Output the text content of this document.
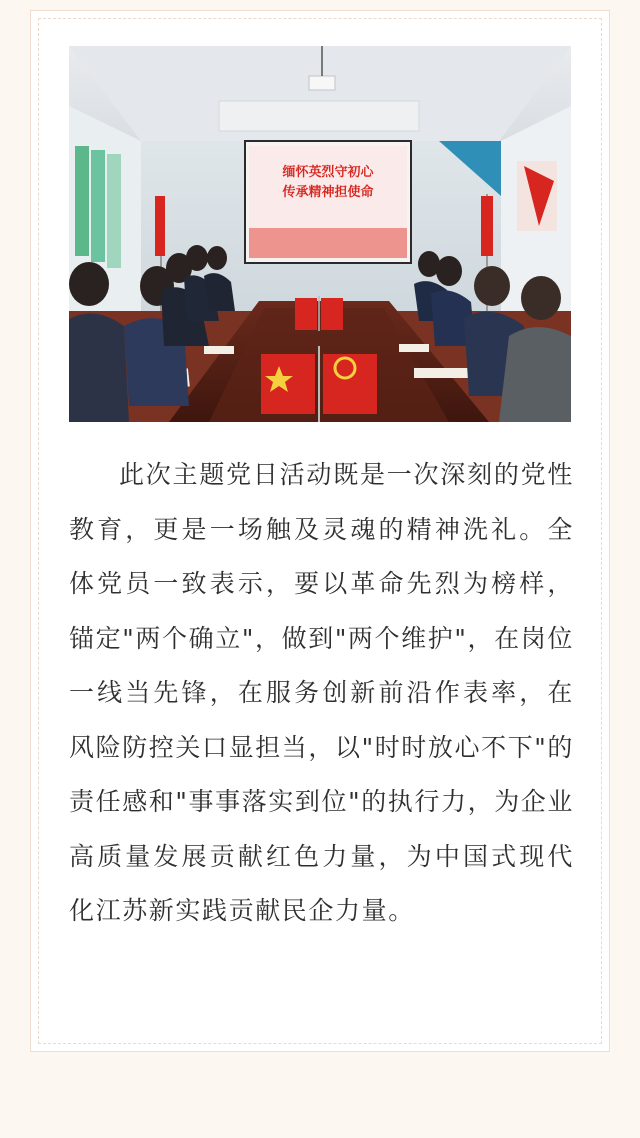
缅怀英烈守初心
传承精神担使命

此次主题党日活动既是一次深刻的党性教育，更是一场触及灵魂的精神洗礼。全体党员一致表示，要以革命先烈为榜样，锚定"两个确立"，做到"两个维护"，在岗位一线当先锋，在服务创新前沿作表率，在风险防控关口显担当，以"时时放心不下"的责任感和"事事落实到位"的执行力，为企业高质量发展贡献红色力量，为中国式现代化江苏新实践贡献民企力量。
